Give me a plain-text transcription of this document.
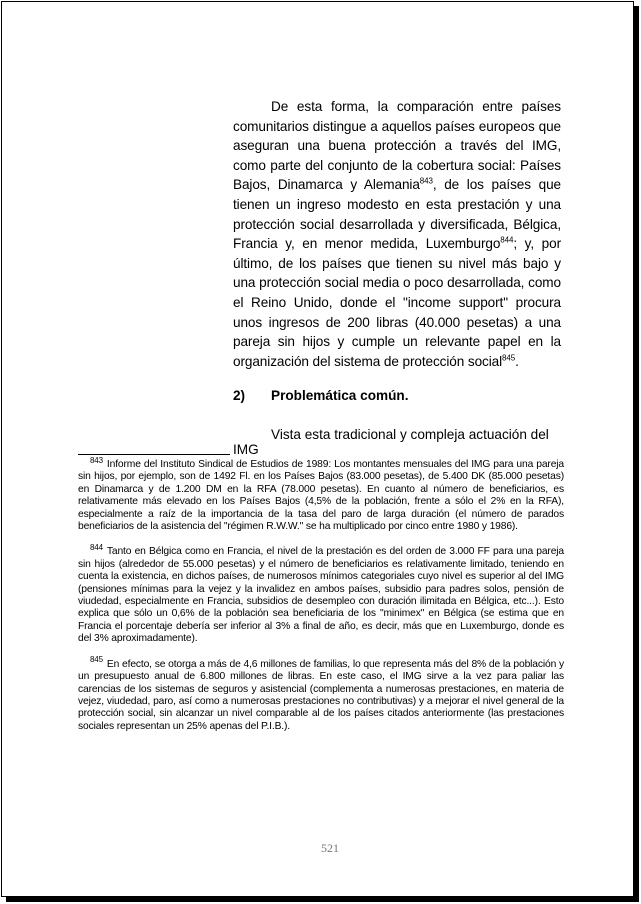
De esta forma, la comparación entre países comunitarios distingue a aquellos países europeos que aseguran una buena protección a través del IMG, como parte del conjunto de la cobertura social: Países Bajos, Dinamarca y Alemania$^{843}$, de los países que tienen un ingreso modesto en esta prestación y una protección social desarrollada y diversificada, Bélgica, Francia y, en menor medida, Luxemburgo$^{844}$; y, por último, de los países que tienen su nivel más bajo y una protección social media o poco desarrollada, como el Reino Unido, donde el "income support" procura unos ingresos de 200 libras (40.000 pesetas) a una pareja sin hijos y cumple un relevante papel en la organización del sistema de protección social$^{845}$.

2) Problemática común.
Vista esta tradicional y compleja actuación del IMG

$^{843}$ Informe del Instituto Sindical de Estudios de 1989: Los montantes mensuales del IMG para una pareja sin hijos, por ejemplo, son de 1492 Fl. en los Países Bajos (83.000 pesetas), de 5.400 DK (85.000 pesetas) en Dinamarca y de 1.200 DM en la RFA (78.000 pesetas). En cuanto al número de beneficiarios, es relativamente más elevado en los Países Bajos (4,5% de la población, frente a sólo el 2% en la RFA), especialmente a raíz de la importancia de la tasa del paro de larga duración (el número de parados beneficiarios de la asistencia del "régimen R.W.W." se ha multiplicado por cinco entre 1980 y 1986).

$^{844}$ Tanto en Bélgica como en Francia, el nivel de la prestación es del orden de 3.000 FF para una pareja sin hijos (alrededor de 55.000 pesetas) y el número de beneficiarios es relativamente limitado, teniendo en cuenta la existencia, en dichos países, de numerosos mínimos categoriales cuyo nivel es superior al del IMG (pensiones mínimas para la vejez y la invalidez en ambos países, subsidio para padres solos, pensión de viudedad, especialmente en Francia, subsidios de desempleo con duración ilimitada en Bélgica, etc...). Esto explica que sólo un 0,6% de la población sea beneficiaria de los "minimex" en Bélgica (se estima que en Francia el porcentaje debería ser inferior al 3% a final de año, es decir, más que en Luxemburgo, donde es del 3% aproximadamente).

$^{845}$ En efecto, se otorga a más de 4,6 millones de familias, lo que representa más del 8% de la población y un presupuesto anual de 6.800 millones de libras. En este caso, el IMG sirve a la vez para paliar las carencias de los sistemas de seguros y asistencial (complementa a numerosas prestaciones, en materia de vejez, viudedad, paro, así como a numerosas prestaciones no contributivas) y a mejorar el nivel general de la protección social, sin alcanzar un nivel comparable al de los países citados anteriormente (las prestaciones sociales representan un 25% apenas del P.I.B.).

521
